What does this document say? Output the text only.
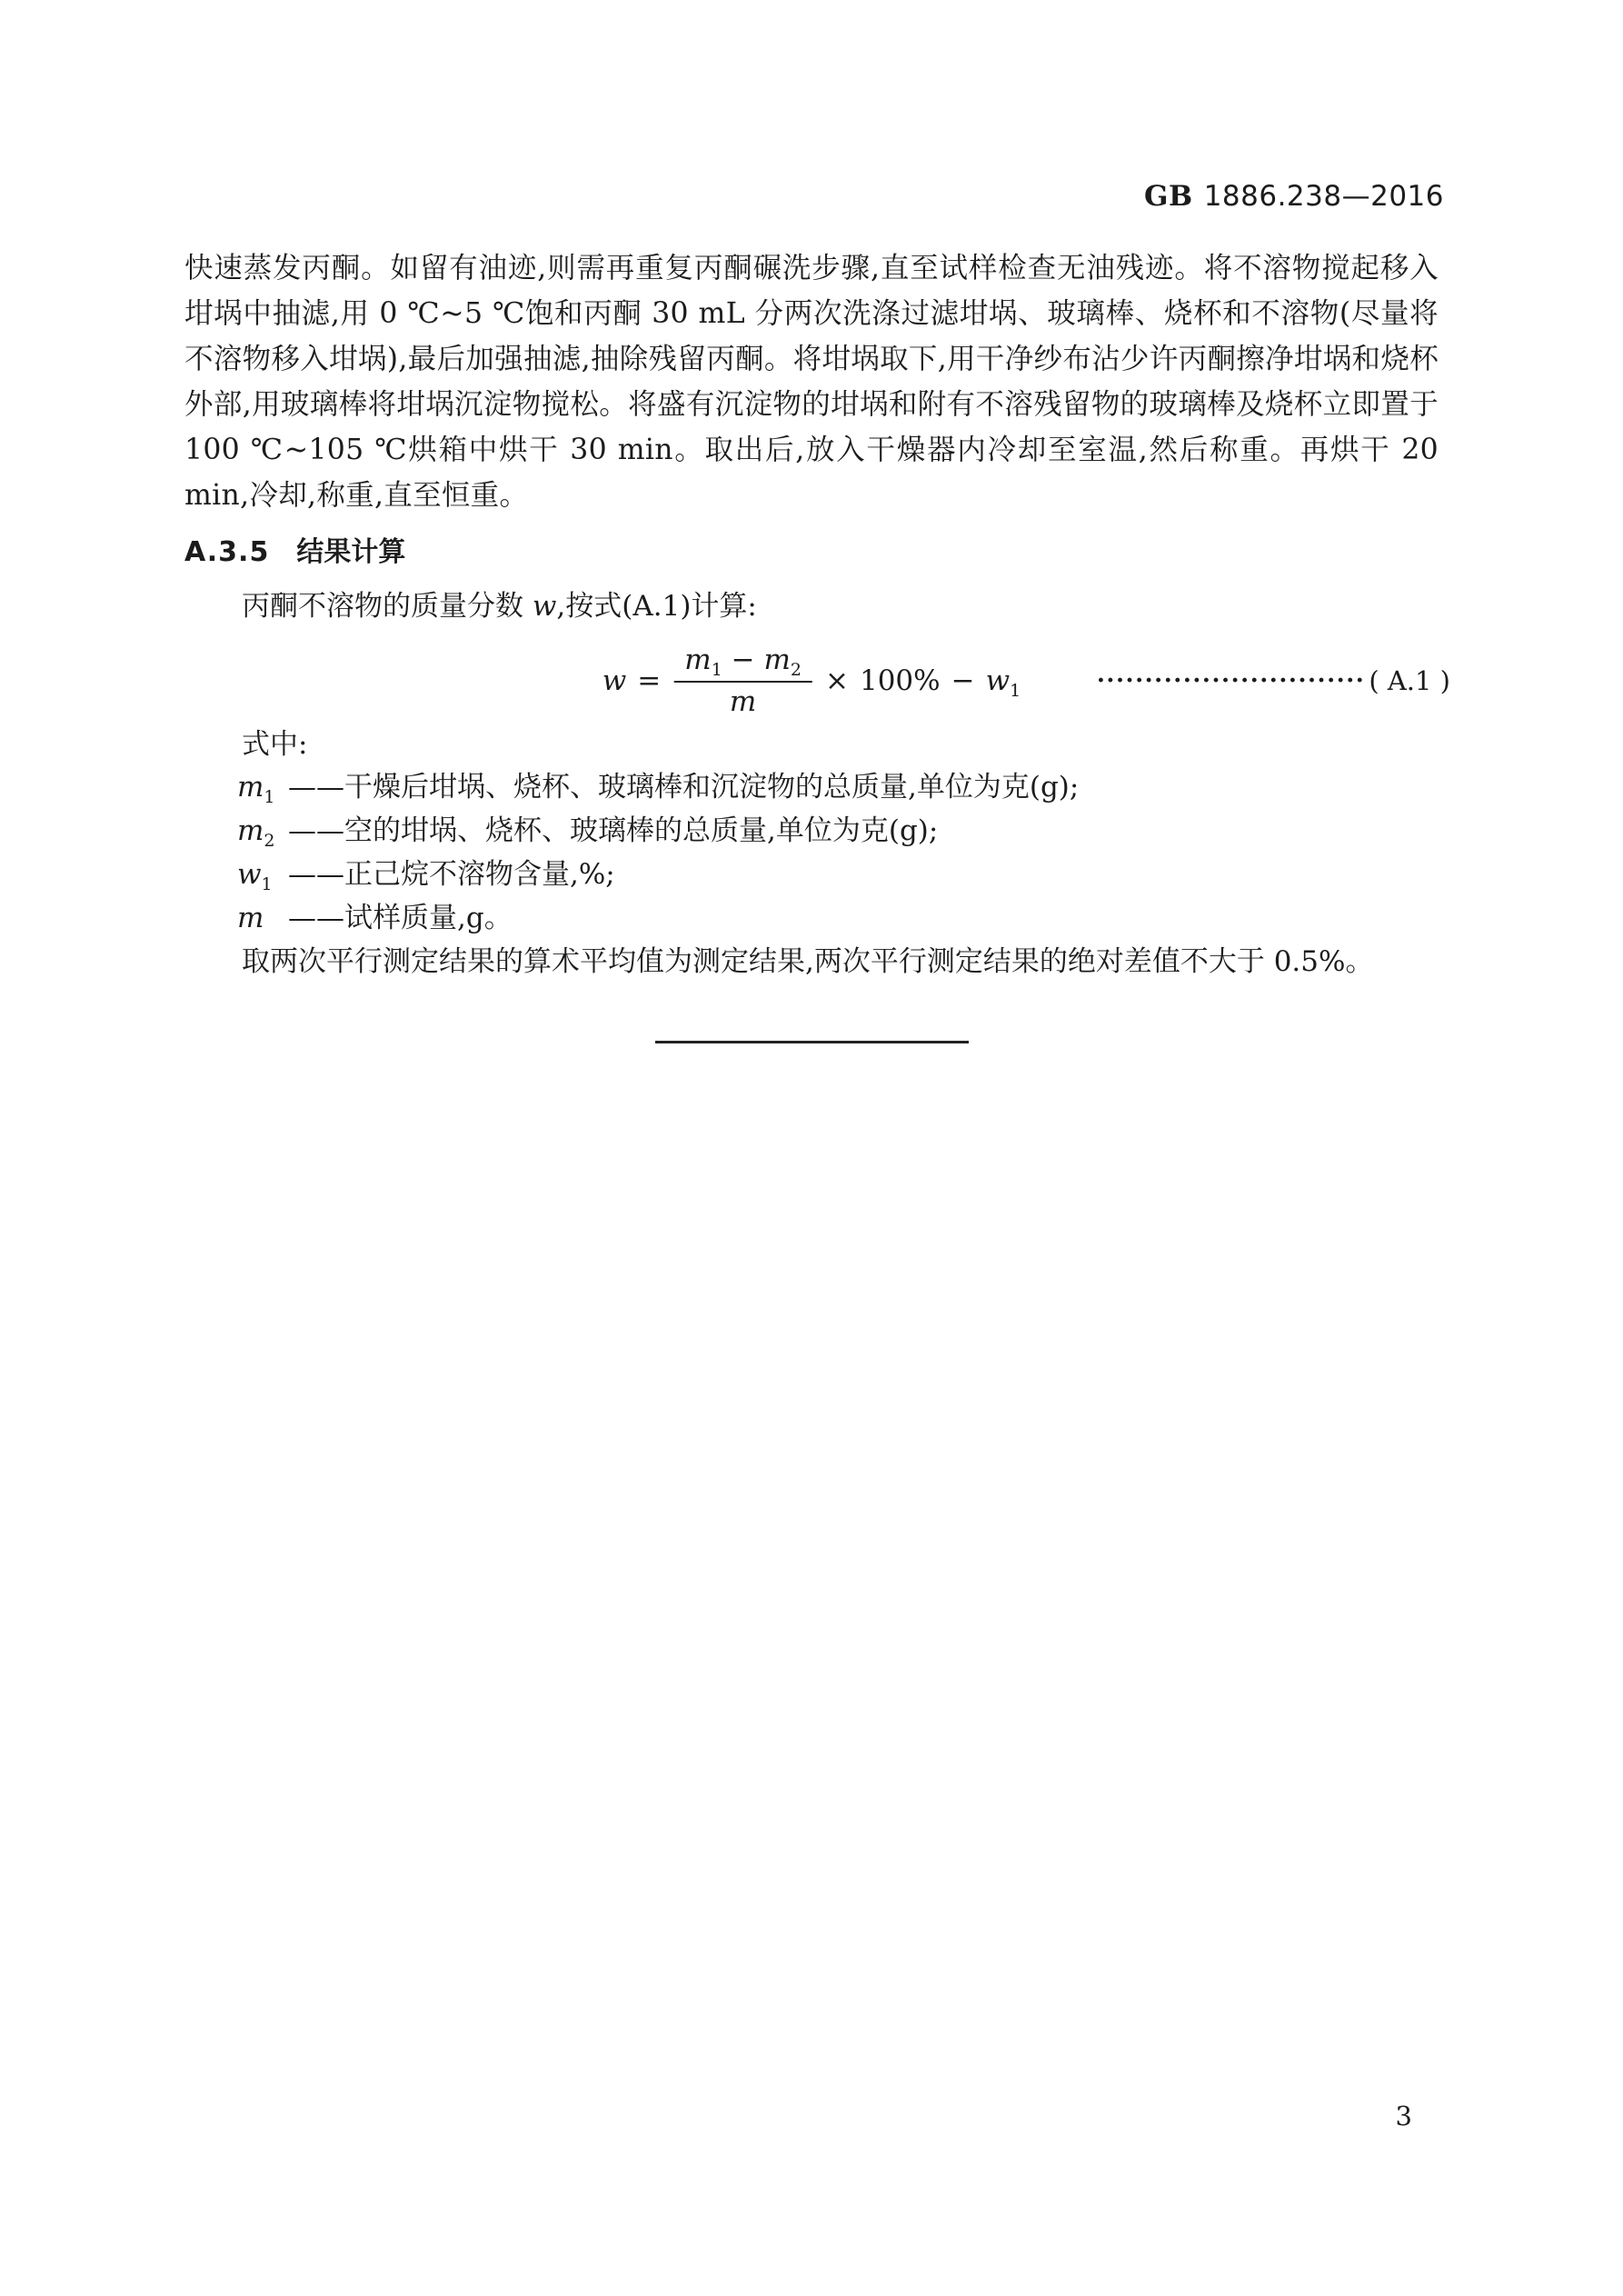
GB 1886.238—2016

快速蒸发丙酮。如留有油迹,则需再重复丙酮碾洗步骤,直至试样检查无油残迹。将不溶物搅起移入坩埚中抽滤,用 0 ℃~5 ℃饱和丙酮 30 mL 分两次洗涤过滤坩埚、玻璃棒、烧杯和不溶物(尽量将不溶物移入坩埚),最后加强抽滤,抽除残留丙酮。将坩埚取下,用干净纱布沾少许丙酮擦净坩埚和烧杯外部,用玻璃棒将坩埚沉淀物搅松。将盛有沉淀物的坩埚和附有不溶残留物的玻璃棒及烧杯立即置于 100 ℃~105 ℃烘箱中烘干 30 min。取出后,放入干燥器内冷却至室温,然后称重。再烘干 20 min,冷却,称重,直至恒重。

A.3.5 结果计算

丙酮不溶物的质量分数 w,按式(A.1)计算:

$w = \frac{m_1 - m_2}{m} \times 100\% - w_1$	···························· ( A.1 )

式中:

$m_1$ ——干燥后坩埚、烧杯、玻璃棒和沉淀物的总质量,单位为克(g);
$m_2$ ——空的坩埚、烧杯、玻璃棒的总质量,单位为克(g);
$w_1$ ——正己烷不溶物含量,%;
m ——试样质量,g。

取两次平行测定结果的算术平均值为测定结果,两次平行测定结果的绝对差值不大于 0.5%。

3
